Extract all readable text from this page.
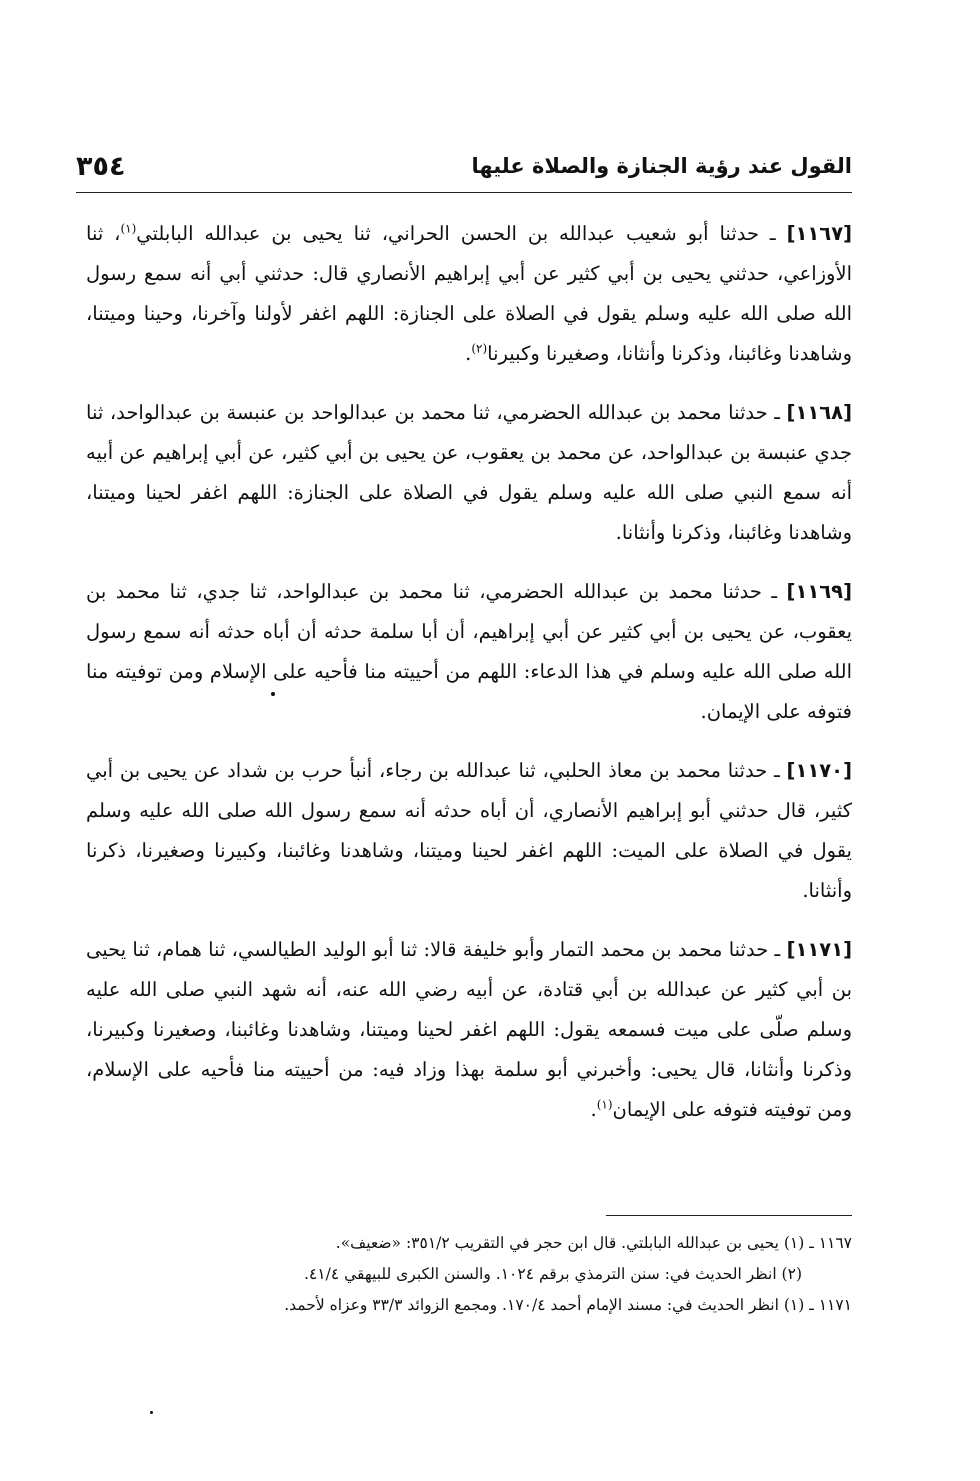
القول عند رؤية الجنازة والصلاة عليها
٣٥٤

[١١٦٧] ـ حدثنا أبو شعيب عبدالله بن الحسن الحراني، ثنا يحيى بن عبدالله البابلتي$^{(١)}$، ثنا الأوزاعي، حدثني يحيى بن أبي كثير عن أبي إبراهيم الأنصاري قال: حدثني أبي أنه سمع رسول الله صلى الله عليه وسلم يقول في الصلاة على الجنازة: اللهم اغفر لأولنا وآخرنا، وحينا وميتنا، وشاهدنا وغائبنا، وذكرنا وأنثانا، وصغيرنا وكبيرنا$^{(٢)}$.

[١١٦٨] ـ حدثنا محمد بن عبدالله الحضرمي، ثنا محمد بن عبدالواحد بن عنبسة بن عبدالواحد، ثنا جدي عنبسة بن عبدالواحد، عن محمد بن يعقوب، عن يحيى بن أبي كثير، عن أبي إبراهيم عن أبيه أنه سمع النبي صلى الله عليه وسلم يقول في الصلاة على الجنازة: اللهم اغفر لحينا وميتنا، وشاهدنا وغائبنا، وذكرنا وأنثانا.

[١١٦٩] ـ حدثنا محمد بن عبدالله الحضرمي، ثنا محمد بن عبدالواحد، ثنا جدي، ثنا محمد بن يعقوب، عن يحيى بن أبي كثير عن أبي إبراهيم، أن أبا سلمة حدثه أن أباه حدثه أنه سمع رسول الله صلى الله عليه وسلم في هذا الدعاء: اللهم من أحييته منا فأحيه على الإسلام ومن توفيته منا فتوفه على الإيمان.

[١١٧٠] ـ حدثنا محمد بن معاذ الحلبي، ثنا عبدالله بن رجاء، أنبأ حرب بن شداد عن يحيى بن أبي كثير، قال حدثني أبو إبراهيم الأنصاري، أن أباه حدثه أنه سمع رسول الله صلى الله عليه وسلم يقول في الصلاة على الميت: اللهم اغفر لحينا وميتنا، وشاهدنا وغائبنا، وكبيرنا وصغيرنا، ذكرنا وأنثانا.

[١١٧١] ـ حدثنا محمد بن محمد التمار وأبو خليفة قالا: ثنا أبو الوليد الطيالسي، ثنا همام، ثنا يحيى بن أبي كثير عن عبدالله بن أبي قتادة، عن أبيه رضي الله عنه، أنه شهد النبي صلى الله عليه وسلم صلّى على ميت فسمعه يقول: اللهم اغفر لحينا وميتنا، وشاهدنا وغائبنا، وصغيرنا وكبيرنا، وذكرنا وأنثانا، قال يحيى: وأخبرني أبو سلمة بهذا وزاد فيه: من أحييته منا فأحيه على الإسلام، ومن توفيته فتوفه على الإيمان$^{(١)}$.

١١٦٧ ـ (١) يحيى بن عبدالله البابلتي. قال ابن حجر في التقريب ٣٥١/٢: «ضعيف».

(٢) انظر الحديث في: سنن الترمذي برقم ١٠٢٤. والسنن الكبرى للبيهقي ٤١/٤.

١١٧١ ـ (١) انظر الحديث في: مسند الإمام أحمد ١٧٠/٤. ومجمع الزوائد ٣٣/٣ وعزاه لأحمد.
